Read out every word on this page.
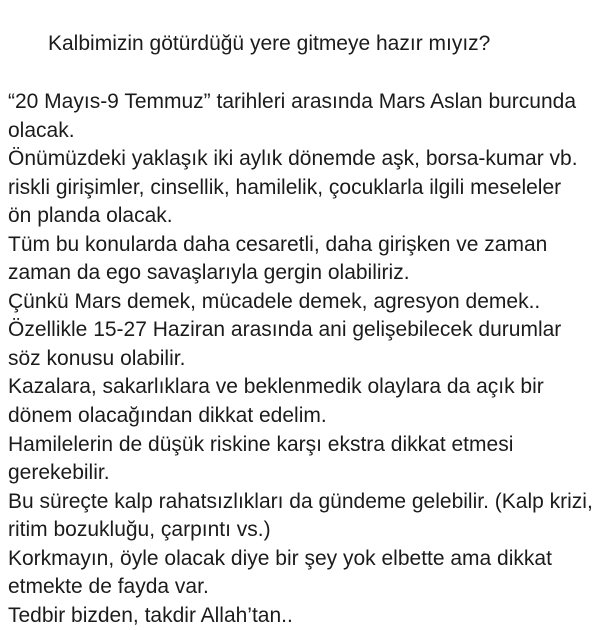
Kalbimizin götürdüğü yere gitmeye hazır mıyız?
“20 Mayıs-9 Temmuz” tarihleri arasında Mars Aslan burcunda
olacak.
Önümüzdeki yaklaşık iki aylık dönemde aşk, borsa-kumar vb.
riskli girişimler, cinsellik, hamilelik, çocuklarla ilgili meseleler
ön planda olacak.
Tüm bu konularda daha cesaretli, daha girişken ve zaman
zaman da ego savaşlarıyla gergin olabiliriz.
Çünkü Mars demek, mücadele demek, agresyon demek..
Özellikle 15-27 Haziran arasında ani gelişebilecek durumlar
söz konusu olabilir.
Kazalara, sakarlıklara ve beklenmedik olaylara da açık bir
dönem olacağından dikkat edelim.
Hamilelerin de düşük riskine karşı ekstra dikkat etmesi
gerekebilir.
Bu süreçte kalp rahatsızlıkları da gündeme gelebilir. (Kalp krizi,
ritim bozukluğu, çarpıntı vs.)
Korkmayın, öyle olacak diye bir şey yok elbette ama dikkat
etmekte de fayda var.
Tedbir bizden, takdir Allah’tan..
